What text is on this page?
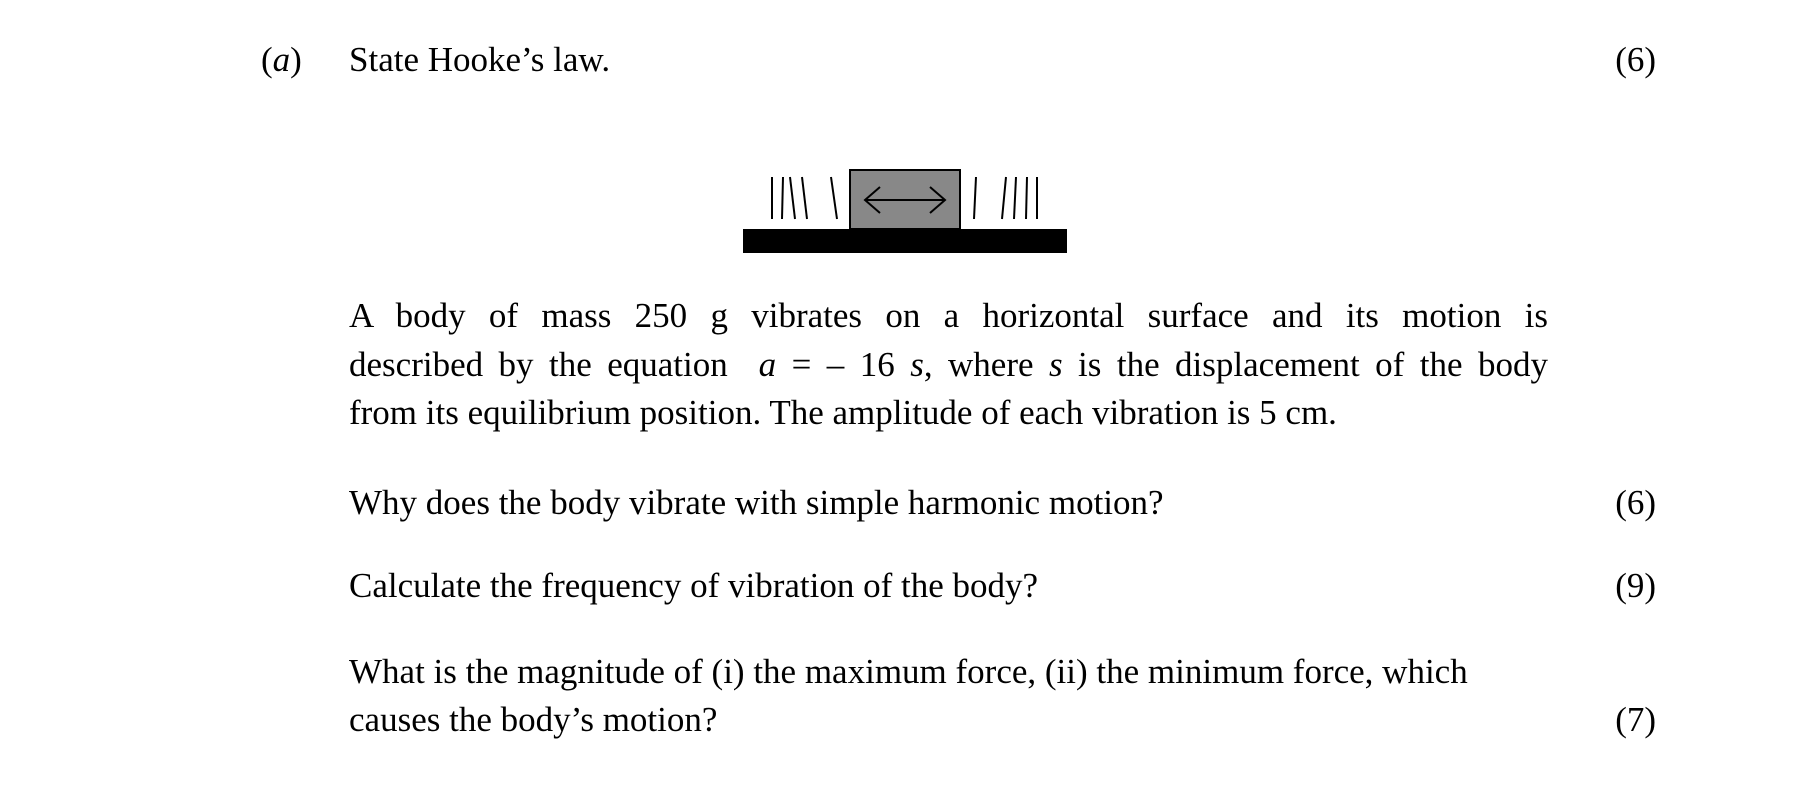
(a) State Hooke’s law.	(6)
A body of mass 250 g vibrates on a horizontal surface and its motion is
described by the equation a = – 16 s, where s is the displacement of the body
from its equilibrium position. The amplitude of each vibration is 5 cm.
Why does the body vibrate with simple harmonic motion?	(6)
Calculate the frequency of vibration of the body?	(9)
What is the magnitude of (i) the maximum force, (ii) the minimum force, which
causes the body’s motion?	(7)
